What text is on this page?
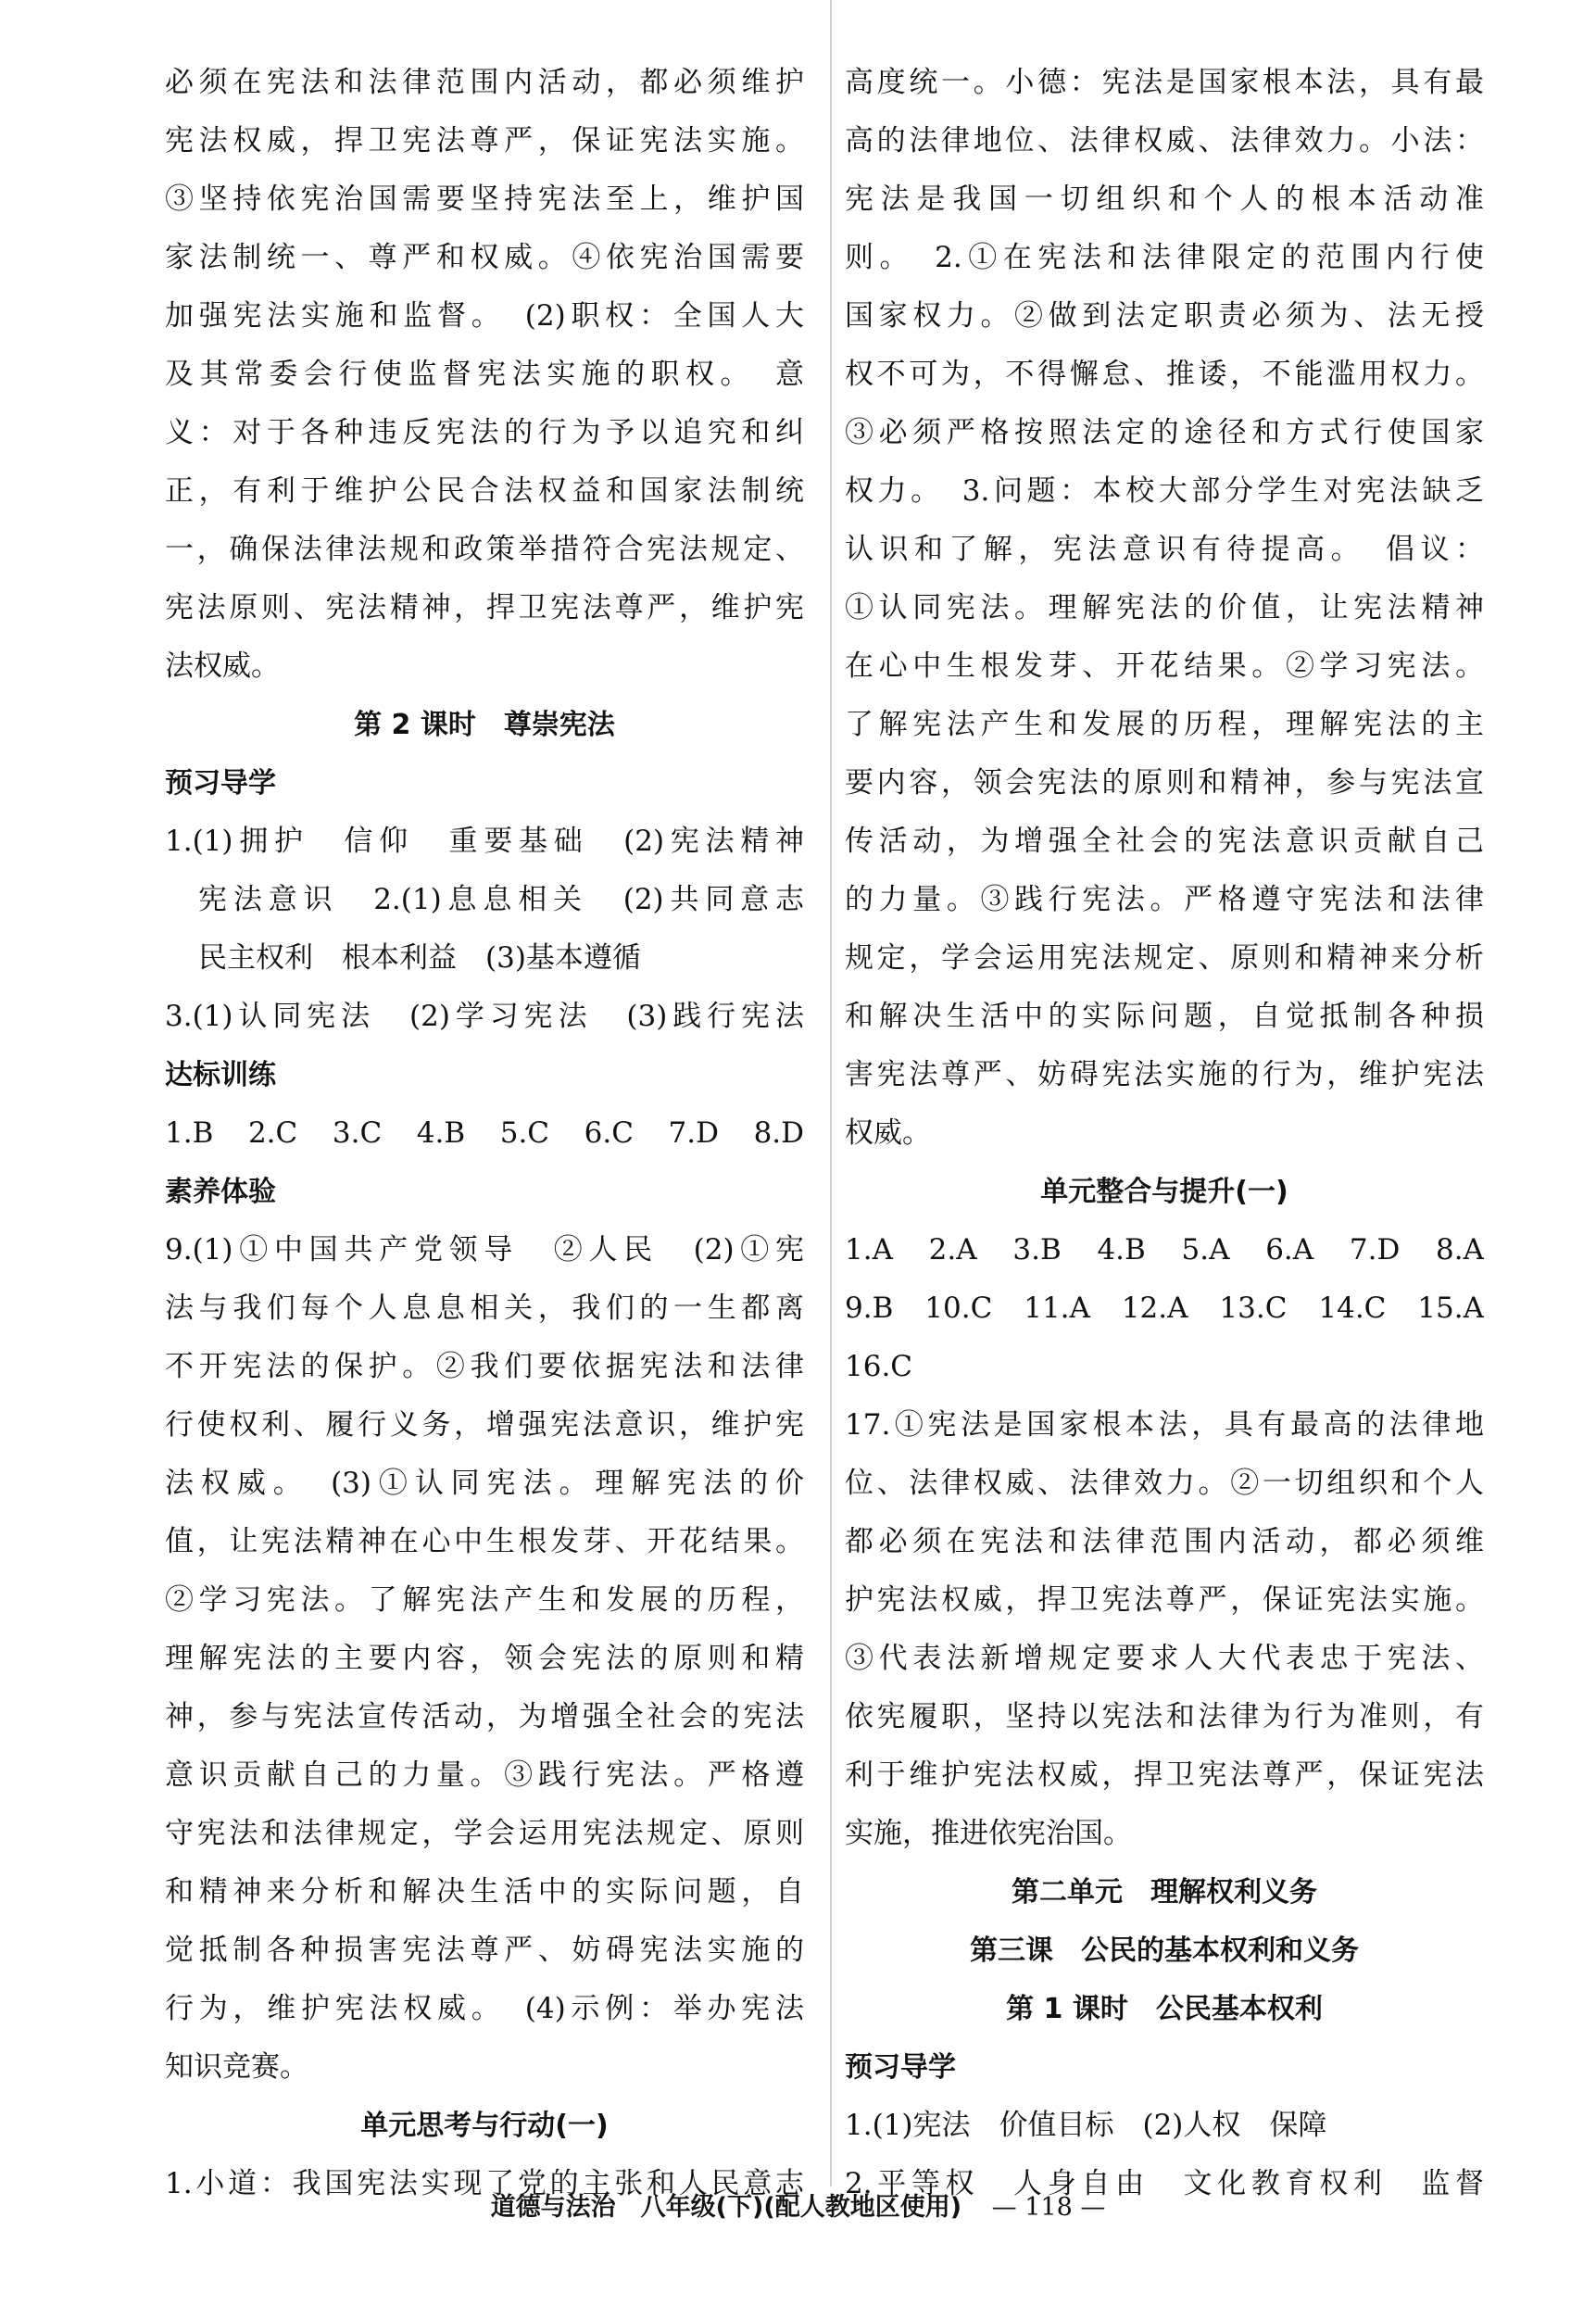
必须在宪法和法律范围内活动，都必须维护
宪法权威，捍卫宪法尊严，保证宪法实施。
③坚持依宪治国需要坚持宪法至上，维护国
家法制统一、尊严和权威。④依宪治国需要
加强宪法实施和监督。　(2)职权：全国人大
及其常委会行使监督宪法实施的职权。　意
义：对于各种违反宪法的行为予以追究和纠
正，有利于维护公民合法权益和国家法制统
一，确保法律法规和政策举措符合宪法规定、
宪法原则、宪法精神，捍卫宪法尊严，维护宪
法权威。
第 2 课时　尊崇宪法
预习导学
1.(1)拥护　信仰　重要基础　(2)宪法精神
宪法意识　2.(1)息息相关　(2)共同意志
民主权利　根本利益　(3)基本遵循
3.(1)认同宪法　(2)学习宪法　(3)践行宪法
达标训练
1.B　2.C　3.C　4.B　5.C　6.C　7.D　8.D
素养体验
9.(1)①中国共产党领导　②人民　(2)①宪
法与我们每个人息息相关，我们的一生都离
不开宪法的保护。②我们要依据宪法和法律
行使权利、履行义务，增强宪法意识，维护宪
法权威。　(3)①认同宪法。理解宪法的价
值，让宪法精神在心中生根发芽、开花结果。
②学习宪法。了解宪法产生和发展的历程，
理解宪法的主要内容，领会宪法的原则和精
神，参与宪法宣传活动，为增强全社会的宪法
意识贡献自己的力量。③践行宪法。严格遵
守宪法和法律规定，学会运用宪法规定、原则
和精神来分析和解决生活中的实际问题，自
觉抵制各种损害宪法尊严、妨碍宪法实施的
行为，维护宪法权威。　(4)示例：举办宪法
知识竞赛。
单元思考与行动(一)
1.小道：我国宪法实现了党的主张和人民意志
高度统一。小德：宪法是国家根本法，具有最
高的法律地位、法律权威、法律效力。小法：
宪法是我国一切组织和个人的根本活动准
则。　2.①在宪法和法律限定的范围内行使
国家权力。②做到法定职责必须为、法无授
权不可为，不得懈怠、推诿，不能滥用权力。
③必须严格按照法定的途径和方式行使国家
权力。　3.问题：本校大部分学生对宪法缺乏
认识和了解，宪法意识有待提高。　倡议：
①认同宪法。理解宪法的价值，让宪法精神
在心中生根发芽、开花结果。②学习宪法。
了解宪法产生和发展的历程，理解宪法的主
要内容，领会宪法的原则和精神，参与宪法宣
传活动，为增强全社会的宪法意识贡献自己
的力量。③践行宪法。严格遵守宪法和法律
规定，学会运用宪法规定、原则和精神来分析
和解决生活中的实际问题，自觉抵制各种损
害宪法尊严、妨碍宪法实施的行为，维护宪法
权威。
单元整合与提升(一)
1.A　2.A　3.B　4.B　5.A　6.A　7.D　8.A
9.B　10.C　11.A　12.A　13.C　14.C　15.A
16.C
17.①宪法是国家根本法，具有最高的法律地
位、法律权威、法律效力。②一切组织和个人
都必须在宪法和法律范围内活动，都必须维
护宪法权威，捍卫宪法尊严，保证宪法实施。
③代表法新增规定要求人大代表忠于宪法、
依宪履职，坚持以宪法和法律为行为准则，有
利于维护宪法权威，捍卫宪法尊严，保证宪法
实施，推进依宪治国。
第二单元　理解权利义务
第三课　公民的基本权利和义务
第 1 课时　公民基本权利
预习导学
1.(1)宪法　价值目标　(2)人权　保障
2.平等权　人身自由　文化教育权利　监督
道德与法治　八年级(下)(配人教地区使用) — 118 —
